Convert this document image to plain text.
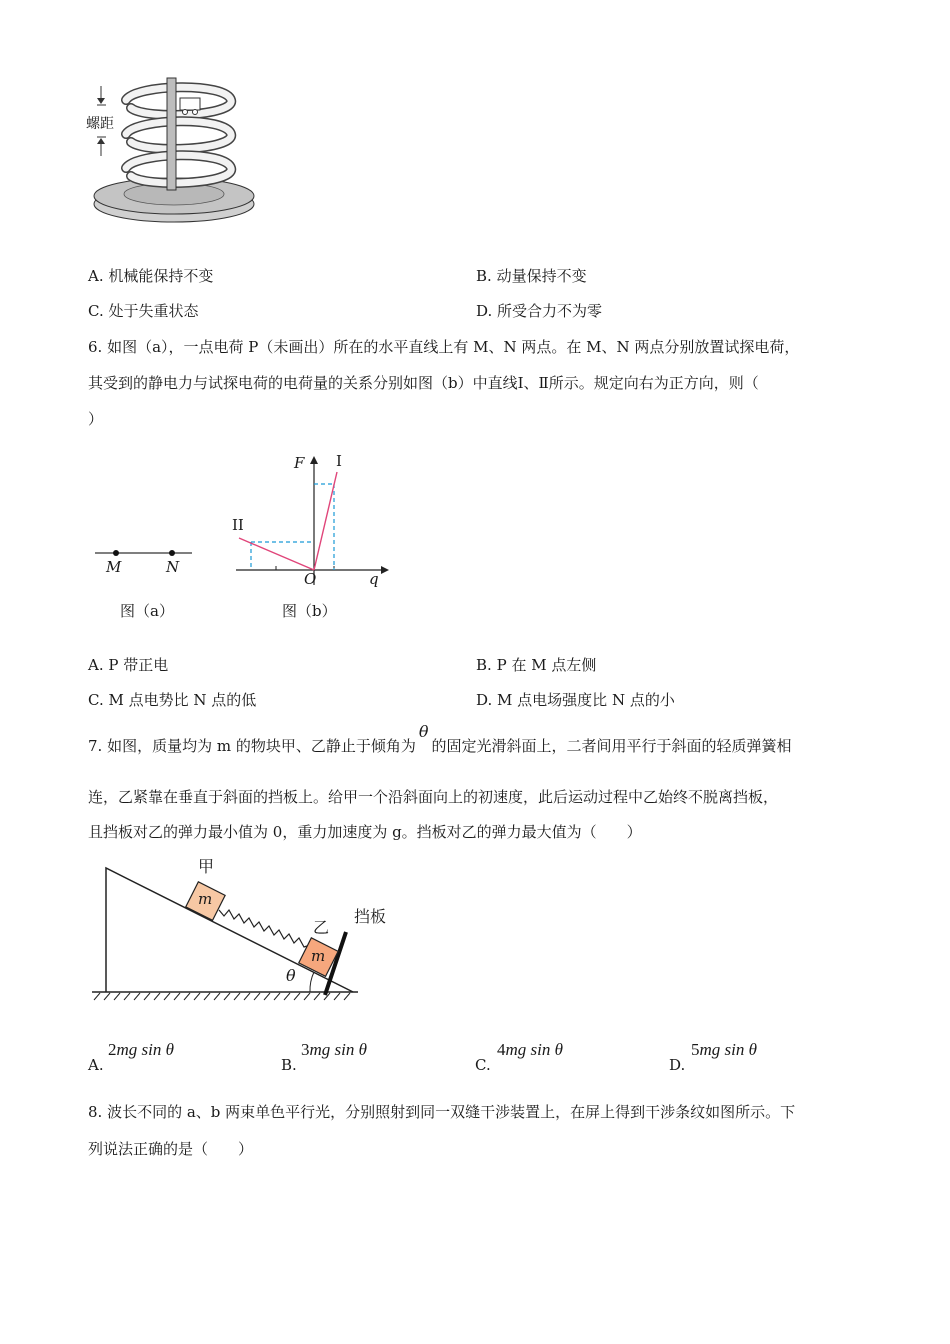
螺距
A. 机械能保持不变	B. 动量保持不变
C. 处于失重状态	D. 所受合力不为零
6. 如图（a），一点电荷 P（未画出）所在的水平直线上有 M、N 两点。在 M、N 两点分别放置试探电荷，
其受到的静电力与试探电荷的电荷量的关系分别如图（b）中直线Ⅰ、Ⅱ所示。规定向右为正方向，则（
）
M	N
图（a）
F I
II
O	q
图（b）
A. P 带正电	B. P 在 M 点左侧
C. M 点电势比 N 点的低	D. M 点电场强度比 N 点的小
7. 如图，质量均为 m 的物块甲、乙静止于倾角为θ的固定光滑斜面上，二者间用平行于斜面的轻质弹簧相
连，乙紧靠在垂直于斜面的挡板上。给甲一个沿斜面向上的初速度，此后运动过程中乙始终不脱离挡板，
且挡板对乙的弹力最小值为 0，重力加速度为 g。挡板对乙的弹力最大值为（　　）
甲
乙
m
m
挡板
θ
A.
2mg sin θ
B.
3mg sin θ
C.
4mg sin θ
D.
5mg sin θ
8. 波长不同的 a、b 两束单色平行光，分别照射到同一双缝干涉装置上，在屏上得到干涉条纹如图所示。下
列说法正确的是（　　）
